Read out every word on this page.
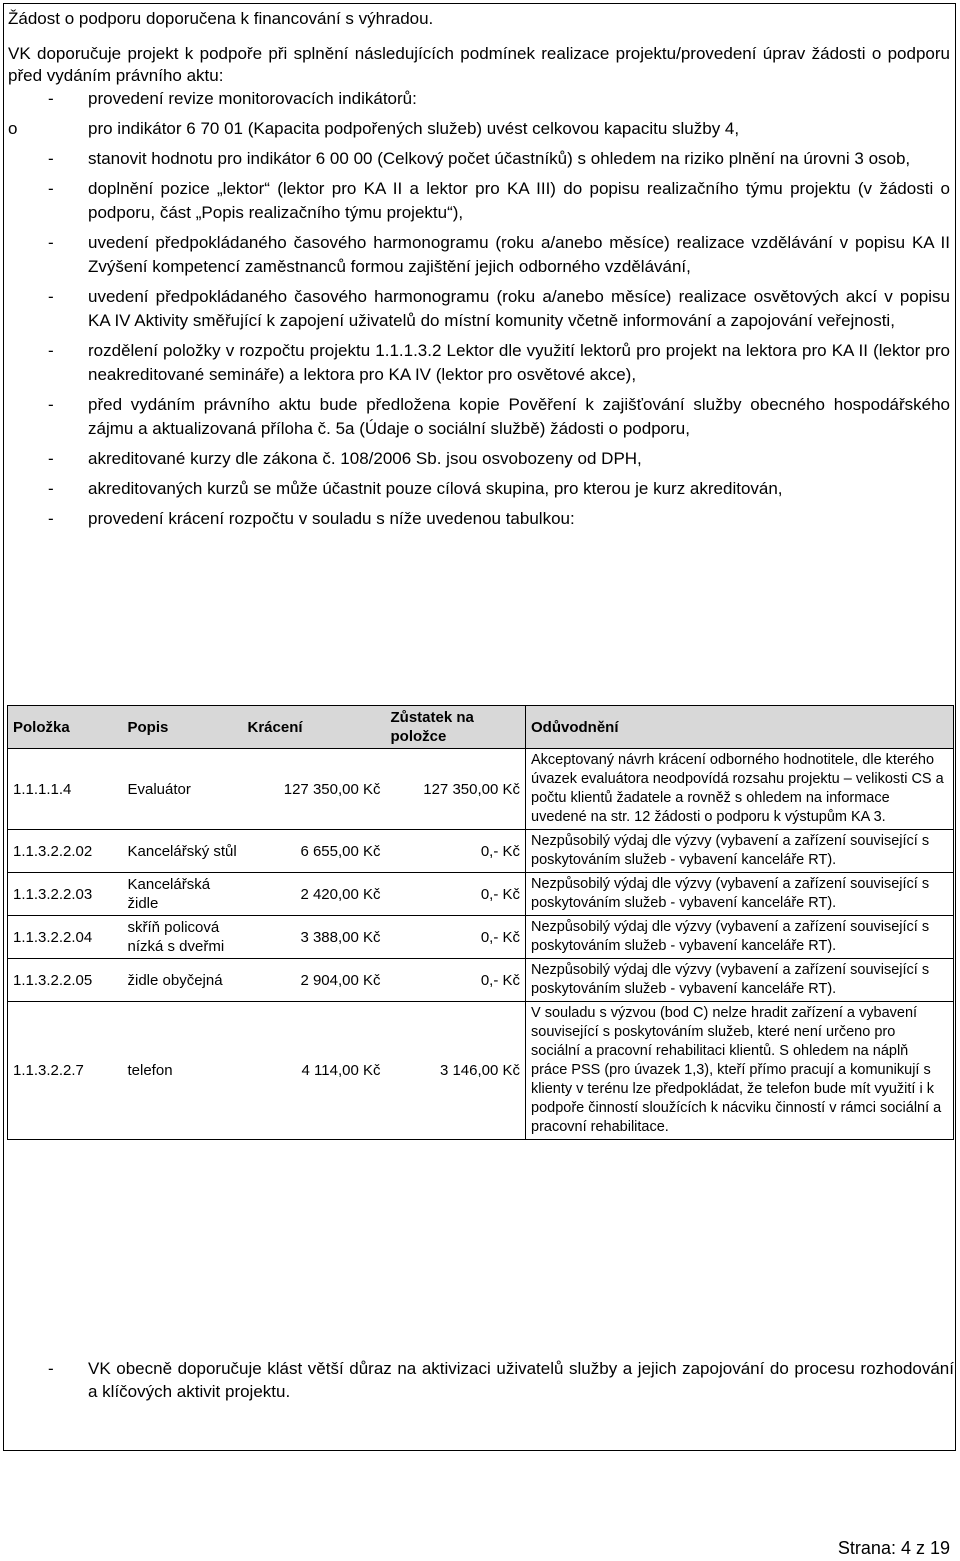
Žádost o podporu doporučena k financování s výhradou.

VK doporučuje projekt k podpoře při splnění následujících podmínek realizace projektu/provedení úprav žádosti o podporu před vydáním právního aktu:

- provedení revize monitorovacích indikátorů:
o	pro indikátor 6 70 01 (Kapacita podpořených služeb) uvést celkovou kapacitu služby 4,
- stanovit hodnotu pro indikátor 6 00 00 (Celkový počet účastníků) s ohledem na riziko plnění na úrovni 3 osob,
- doplnění pozice „lektor“ (lektor pro KA II a lektor pro KA III) do popisu realizačního týmu projektu (v žádosti o podporu, část „Popis realizačního týmu projektu“),
- uvedení předpokládaného časového harmonogramu (roku a/anebo měsíce) realizace vzdělávání v popisu KA II Zvýšení kompetencí zaměstnanců formou zajištění jejich odborného vzdělávání,
- uvedení předpokládaného časového harmonogramu (roku a/anebo měsíce) realizace osvětových akcí v popisu KA IV Aktivity směřující k zapojení uživatelů do místní komunity včetně informování a zapojování veřejnosti,
- rozdělení položky v rozpočtu projektu 1.1.1.3.2 Lektor dle využití lektorů pro projekt na lektora pro KA II (lektor pro neakreditované semináře) a lektora pro KA IV (lektor pro osvětové akce),
- před vydáním právního aktu bude předložena kopie Pověření k zajišťování služby obecného hospodářského zájmu a aktualizovaná příloha č. 5a (Údaje o sociální službě) žádosti o podporu,
- akreditované kurzy dle zákona č. 108/2006 Sb. jsou osvobozeny od DPH,
- akreditovaných kurzů se může účastnit pouze cílová skupina, pro kterou je kurz akreditován,
- provedení krácení rozpočtu v souladu s níže uvedenou tabulkou:
Položka	Popis	Krácení	Zůstatek na položce	Odůvodnění
1.1.1.1.4	Evaluátor	127 350,00 Kč	127 350,00 Kč	Akceptovaný návrh krácení odborného hodnotitele, dle kterého úvazek evaluátora neodpovídá rozsahu projektu – velikosti CS a počtu klientů žadatele a rovněž s ohledem na informace uvedené na str. 12 žádosti o podporu k výstupům KA 3.
1.1.3.2.2.02	Kancelářský stůl	6 655,00 Kč	0,- Kč	Nezpůsobilý výdaj dle výzvy (vybavení a zařízení související s poskytováním služeb - vybavení kanceláře RT).
1.1.3.2.2.03	Kancelářská židle	2 420,00 Kč	0,- Kč	Nezpůsobilý výdaj dle výzvy (vybavení a zařízení související s poskytováním služeb - vybavení kanceláře RT).
1.1.3.2.2.04	skříň policová nízká s dveřmi	3 388,00 Kč	0,- Kč	Nezpůsobilý výdaj dle výzvy (vybavení a zařízení související s poskytováním služeb - vybavení kanceláře RT).
1.1.3.2.2.05	židle obyčejná	2 904,00 Kč	0,- Kč	Nezpůsobilý výdaj dle výzvy (vybavení a zařízení související s poskytováním služeb - vybavení kanceláře RT).
1.1.3.2.2.7	telefon	4 114,00 Kč	3 146,00 Kč	V souladu s výzvou (bod C) nelze hradit zařízení a vybavení související s poskytováním služeb, které není určeno pro sociální a pracovní rehabilitaci klientů. S ohledem na náplň práce PSS (pro úvazek 1,3), kteří přímo pracují a komunikují s klienty v terénu lze předpokládat, že telefon bude mít využití i k podpoře činností sloužících k nácviku činností v rámci sociální a pracovní rehabilitace.
- VK obecně doporučuje klást větší důraz na aktivizaci uživatelů služby a jejich zapojování do procesu rozhodování a klíčových aktivit projektu.
Strana: 4 z 19
